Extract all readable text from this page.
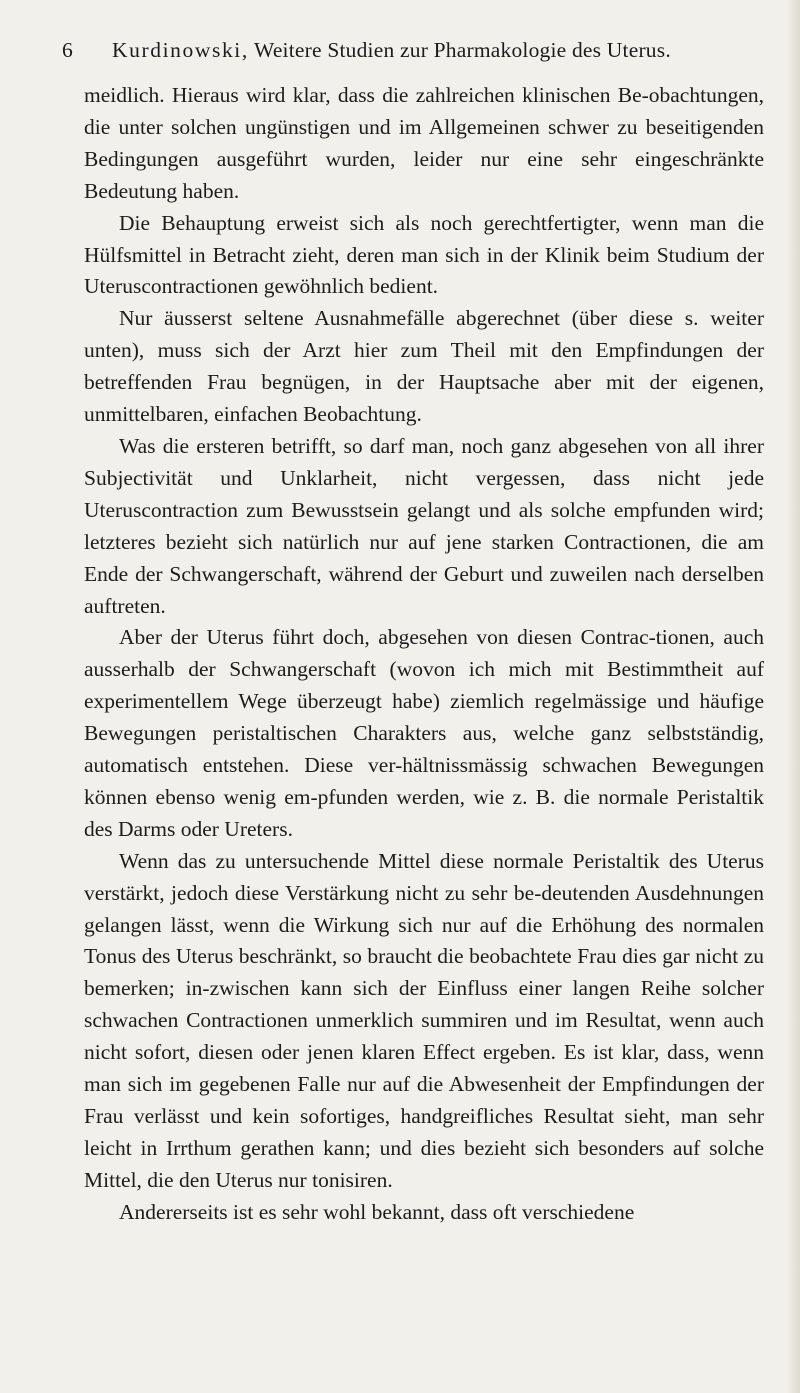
6 Kurdinowski, Weitere Studien zur Pharmakologie des Uterus.

meidlich. Hieraus wird klar, dass die zahlreichen klinischen Be-obachtungen, die unter solchen ungünstigen und im Allgemeinen schwer zu beseitigenden Bedingungen ausgeführt wurden, leider nur eine sehr eingeschränkte Bedeutung haben.

Die Behauptung erweist sich als noch gerechtfertigter, wenn man die Hülfsmittel in Betracht zieht, deren man sich in der Klinik beim Studium der Uteruscontractionen gewöhnlich bedient.

Nur äusserst seltene Ausnahmefälle abgerechnet (über diese s. weiter unten), muss sich der Arzt hier zum Theil mit den Empfindungen der betreffenden Frau begnügen, in der Hauptsache aber mit der eigenen, unmittelbaren, einfachen Beobachtung.

Was die ersteren betrifft, so darf man, noch ganz abgesehen von all ihrer Subjectivität und Unklarheit, nicht vergessen, dass nicht jede Uteruscontraction zum Bewusstsein gelangt und als solche empfunden wird; letzteres bezieht sich natürlich nur auf jene starken Contractionen, die am Ende der Schwangerschaft, während der Geburt und zuweilen nach derselben auftreten.

Aber der Uterus führt doch, abgesehen von diesen Contrac-tionen, auch ausserhalb der Schwangerschaft (wovon ich mich mit Bestimmtheit auf experimentellem Wege überzeugt habe) ziemlich regelmässige und häufige Bewegungen peristaltischen Charakters aus, welche ganz selbstständig, automatisch entstehen. Diese ver-hältnissmässig schwachen Bewegungen können ebenso wenig em-pfunden werden, wie z. B. die normale Peristaltik des Darms oder Ureters.

Wenn das zu untersuchende Mittel diese normale Peristaltik des Uterus verstärkt, jedoch diese Verstärkung nicht zu sehr be-deutenden Ausdehnungen gelangen lässt, wenn die Wirkung sich nur auf die Erhöhung des normalen Tonus des Uterus beschränkt, so braucht die beobachtete Frau dies gar nicht zu bemerken; in-zwischen kann sich der Einfluss einer langen Reihe solcher schwachen Contractionen unmerklich summiren und im Resultat, wenn auch nicht sofort, diesen oder jenen klaren Effect ergeben. Es ist klar, dass, wenn man sich im gegebenen Falle nur auf die Abwesenheit der Empfindungen der Frau verlässt und kein sofortiges, handgreifliches Resultat sieht, man sehr leicht in Irrthum gerathen kann; und dies bezieht sich besonders auf solche Mittel, die den Uterus nur tonisiren.

Andererseits ist es sehr wohl bekannt, dass oft verschiedene
